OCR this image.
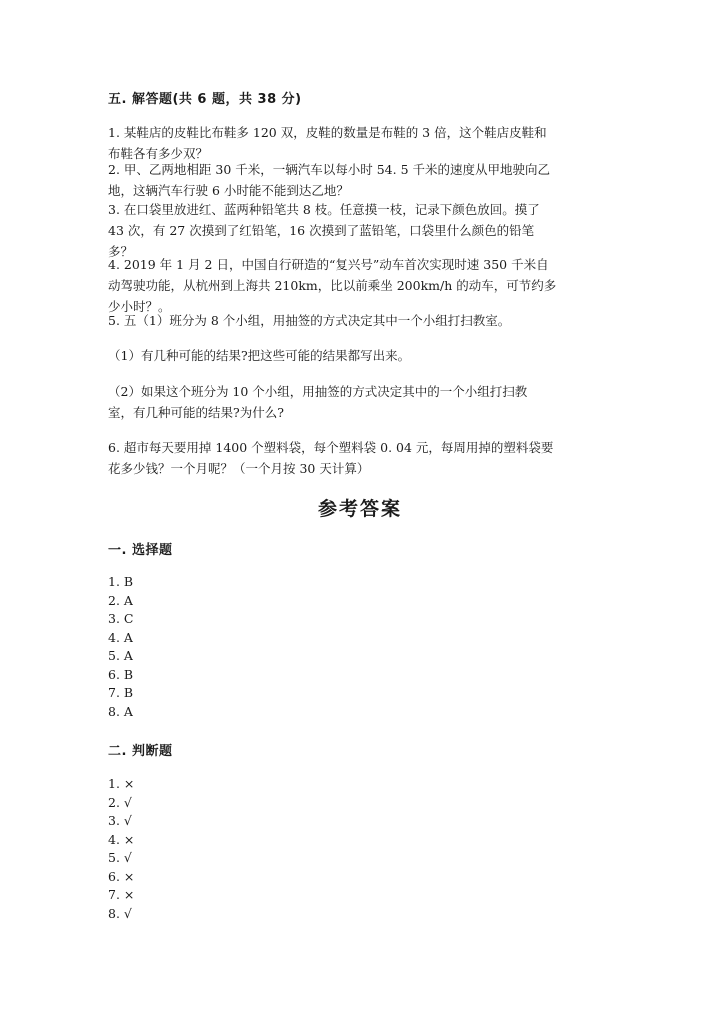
五. 解答题(共 6 题，共 38 分)
1. 某鞋店的皮鞋比布鞋多 120 双，皮鞋的数量是布鞋的 3 倍，这个鞋店皮鞋和
布鞋各有多少双？
2. 甲、乙两地相距 30 千米，一辆汽车以每小时 54. 5 千米的速度从甲地驶向乙
地，这辆汽车行驶 6 小时能不能到达乙地？
3. 在口袋里放进红、蓝两种铅笔共 8 枝。任意摸一枝，记录下颜色放回。摸了
43 次，有 27 次摸到了红铅笔，16 次摸到了蓝铅笔，口袋里什么颜色的铅笔
多？
4. 2019 年 1 月 2 日，中国自行研造的“复兴号”动车首次实现时速 350 千米自
动驾驶功能，从杭州到上海共 210km，比以前乘坐 200km/h 的动车，可节约多
少小时？。
5. 五（1）班分为 8 个小组，用抽签的方式决定其中一个小组打扫教室。
（1）有几种可能的结果?把这些可能的结果都写出来。
（2）如果这个班分为 10 个小组，用抽签的方式决定其中的一个小组打扫教
室，有几种可能的结果?为什么?
6. 超市每天要用掉 1400 个塑料袋，每个塑料袋 0. 04 元，每周用掉的塑料袋要
花多少钱？一个月呢？（一个月按 30 天计算）
参考答案
一. 选择题
1. B
2. A
3. C
4. A
5. A
6. B
7. B
8. A
二. 判断题
1. ×
2. √
3. √
4. ×
5. √
6. ×
7. ×
8. √
